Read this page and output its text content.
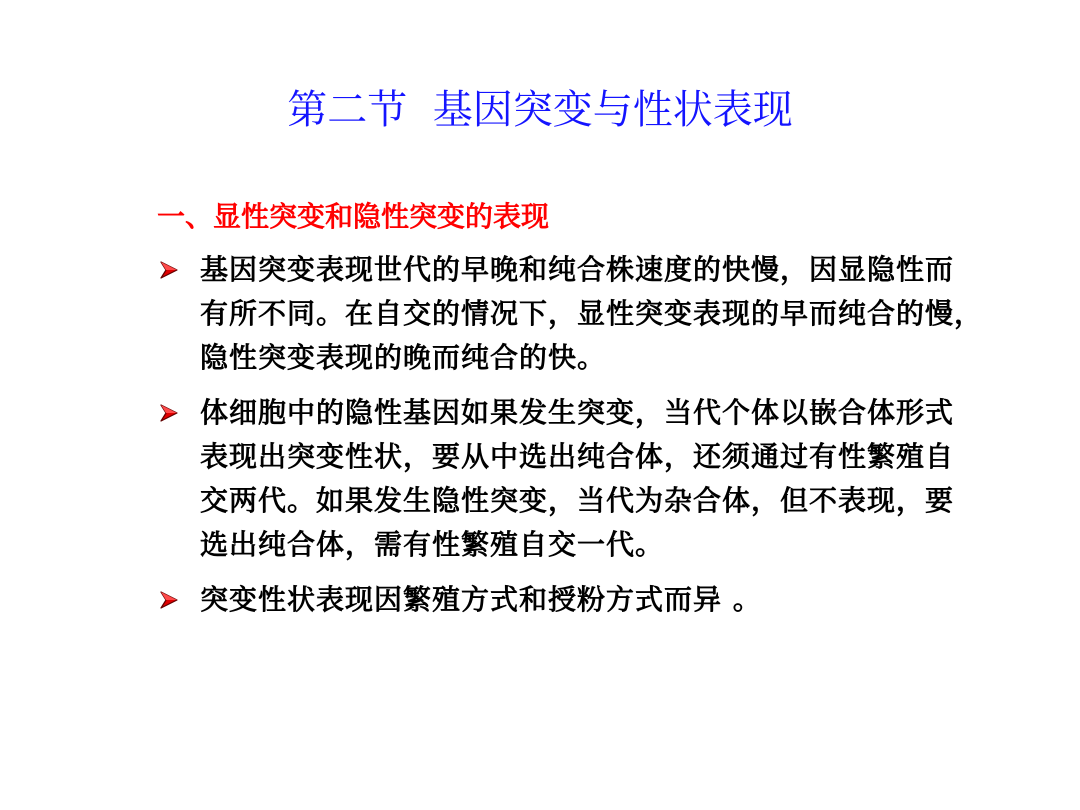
第二节  基因突变与性状表现
一、显性突变和隐性突变的表现
基因突变表现世代的早晚和纯合株速度的快慢，因显隐性而
有所不同。在自交的情况下，显性突变表现的早而纯合的慢，
隐性突变表现的晚而纯合的快。
体细胞中的隐性基因如果发生突变，当代个体以嵌合体形式
表现出突变性状，要从中选出纯合体，还须通过有性繁殖自
交两代。如果发生隐性突变，当代为杂合体，但不表现，要
选出纯合体，需有性繁殖自交一代。
突变性状表现因繁殖方式和授粉方式而异 。
